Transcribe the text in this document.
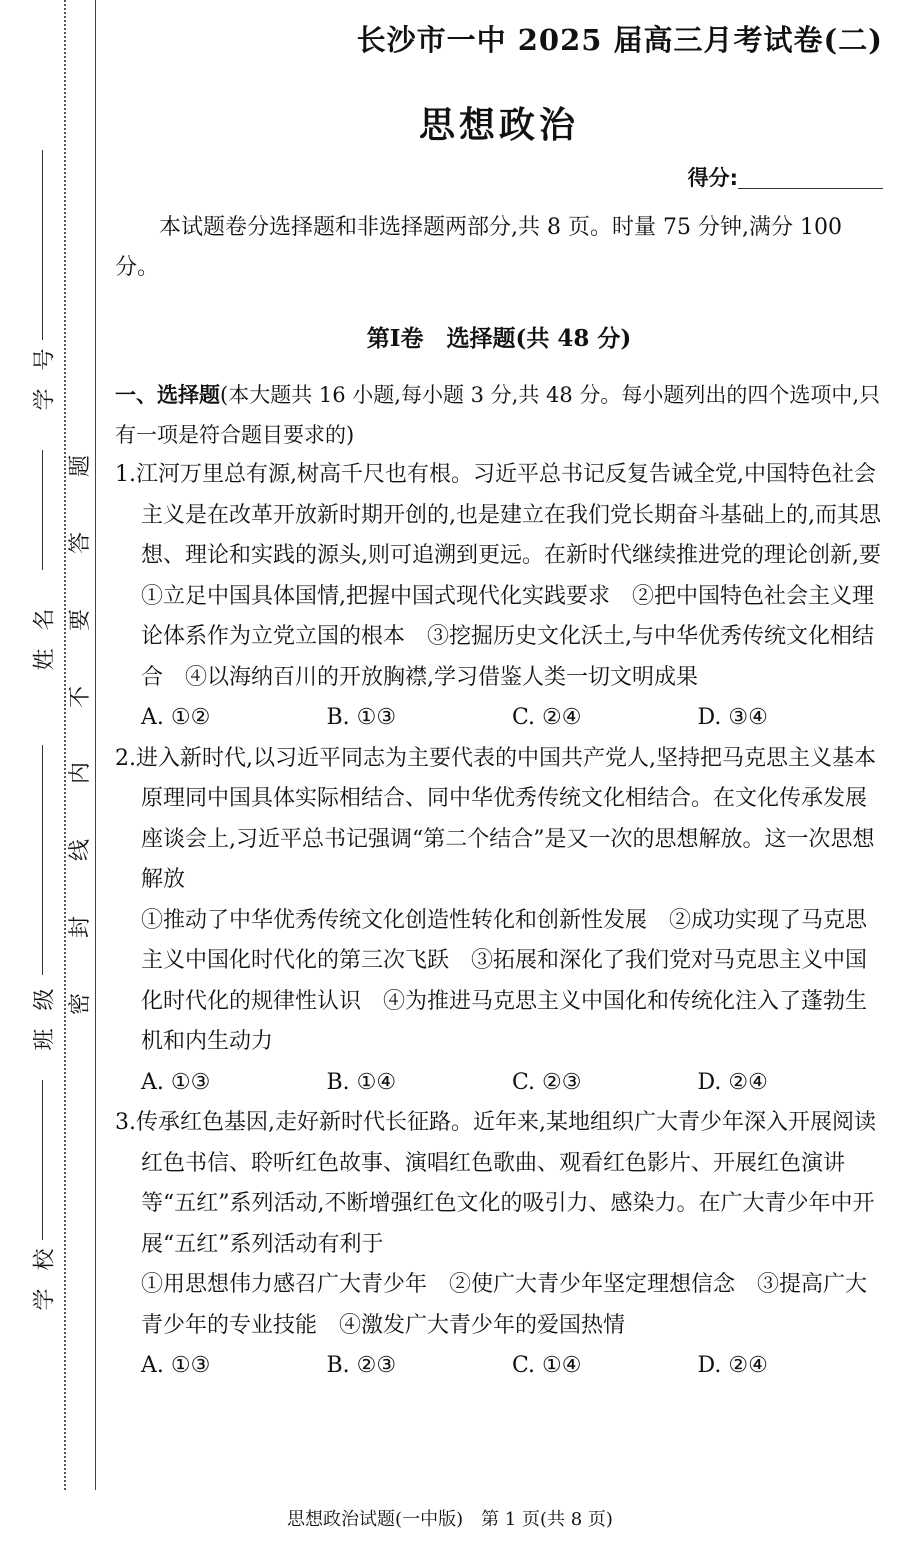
学号
姓名
班级
学校
题
答
要
不
内
线
封
密
长沙市一中 2025 届高三月考试卷(二)
思想政治
得分:

本试题卷分选择题和非选择题两部分,共 8 页。时量 75 分钟,满分 100 分。

第Ⅰ卷　选择题(共 48 分)

一、选择题(本大题共 16 小题,每小题 3 分,共 48 分。每小题列出的四个选项中,只有一项是符合题目要求的)

1.江河万里总有源,树高千尺也有根。习近平总书记反复告诫全党,中国特色社会主义是在改革开放新时期开创的,也是建立在我们党长期奋斗基础上的,而其思想、理论和实践的源头,则可追溯到更远。在新时代继续推进党的理论创新,要

①立足中国具体国情,把握中国式现代化实践要求　②把中国特色社会主义理论体系作为立党立国的根本　③挖掘历史文化沃土,与中华优秀传统文化相结合　④以海纳百川的开放胸襟,学习借鉴人类一切文明成果

A. ①②	B. ①③	C. ②④	D. ③④

2.进入新时代,以习近平同志为主要代表的中国共产党人,坚持把马克思主义基本原理同中国具体实际相结合、同中华优秀传统文化相结合。在文化传承发展座谈会上,习近平总书记强调“第二个结合”是又一次的思想解放。这一次思想解放

①推动了中华优秀传统文化创造性转化和创新性发展　②成功实现了马克思主义中国化时代化的第三次飞跃　③拓展和深化了我们党对马克思主义中国化时代化的规律性认识　④为推进马克思主义中国化和传统化注入了蓬勃生机和内生动力

A. ①③	B. ①④	C. ②③	D. ②④

3.传承红色基因,走好新时代长征路。近年来,某地组织广大青少年深入开展阅读红色书信、聆听红色故事、演唱红色歌曲、观看红色影片、开展红色演讲等“五红”系列活动,不断增强红色文化的吸引力、感染力。在广大青少年中开展“五红”系列活动有利于

①用思想伟力感召广大青少年　②使广大青少年坚定理想信念　③提高广大青少年的专业技能　④激发广大青少年的爱国热情

A. ①③	B. ②③	C. ①④	D. ②④
思想政治试题(一中版)　第 1 页(共 8 页)
